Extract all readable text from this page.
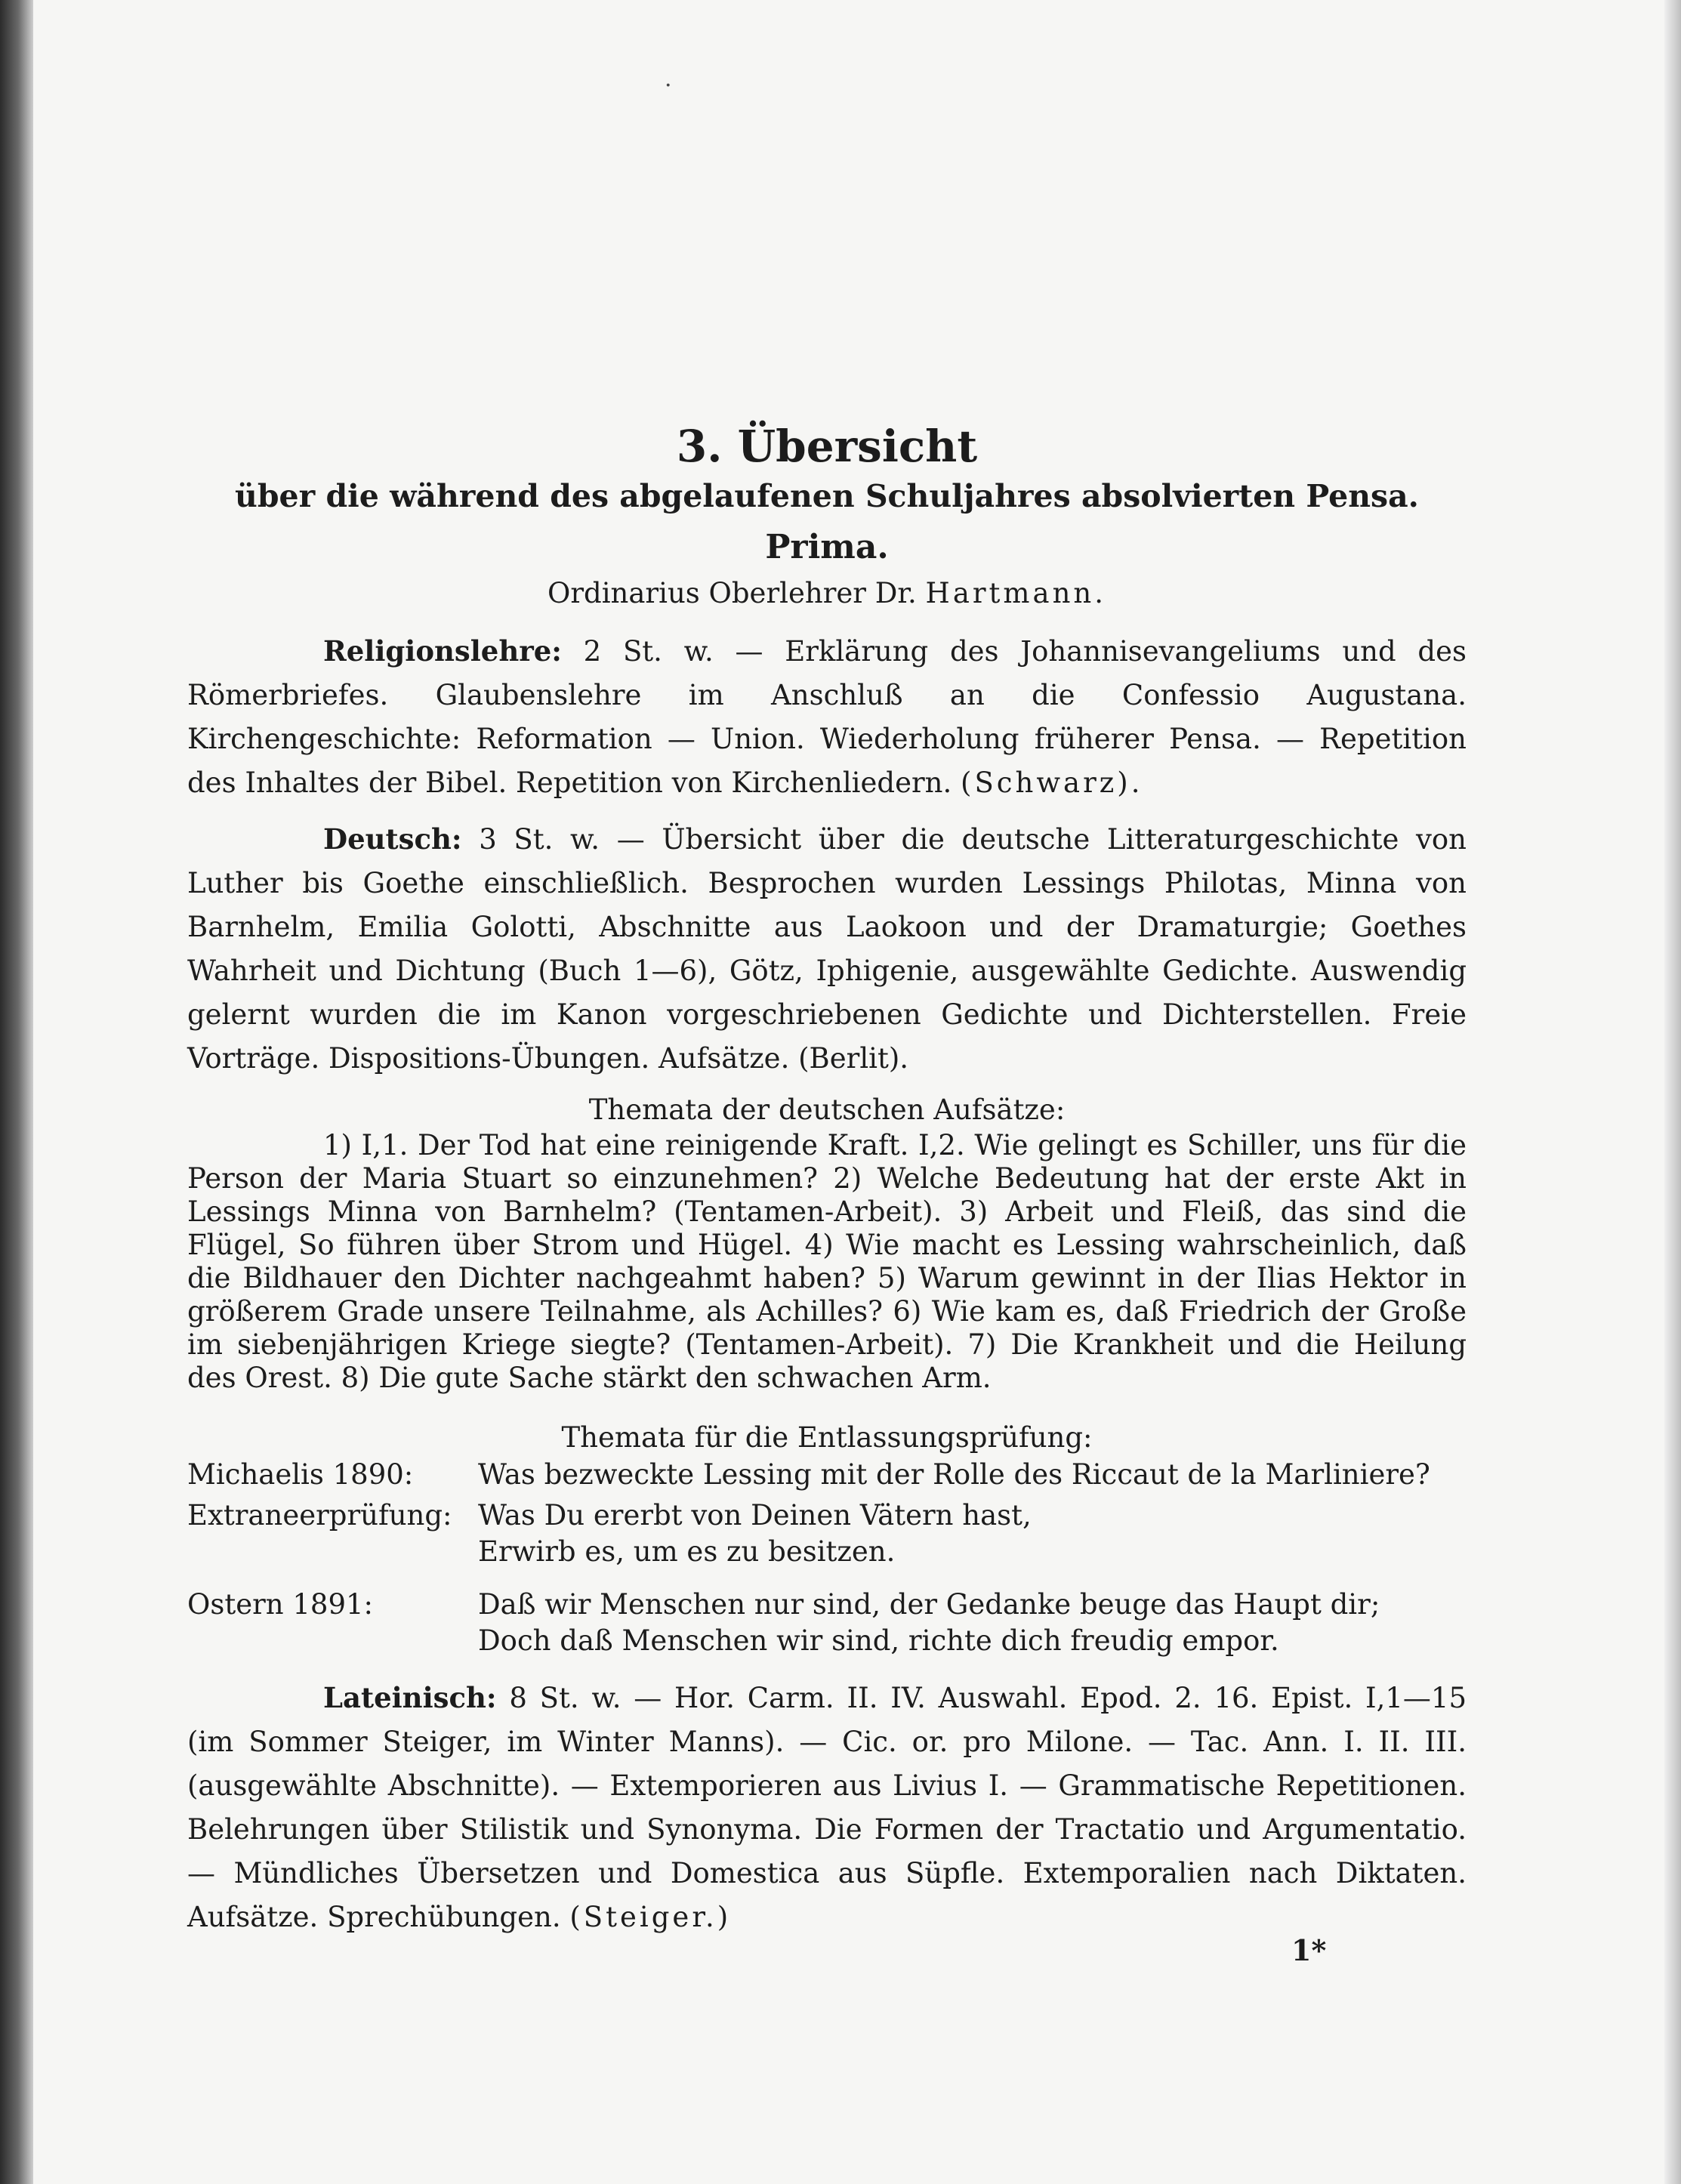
·
3. Übersicht
über die während des abgelaufenen Schuljahres absolvierten Pensa.
Prima.
Ordinarius Oberlehrer Dr. Hartmann.

Religionslehre: 2 St. w. — Erklärung des Johannisevangeliums und des Römerbriefes. Glaubenslehre im Anschluß an die Confessio Augustana. Kirchengeschichte: Reformation — Union. Wiederholung früherer Pensa. — Repetition des Inhaltes der Bibel. Repetition von Kirchenliedern. (Schwarz).

Deutsch: 3 St. w. — Übersicht über die deutsche Litteraturgeschichte von Luther bis Goethe einschließlich. Besprochen wurden Lessings Philotas, Minna von Barnhelm, Emilia Golotti, Abschnitte aus Laokoon und der Dramaturgie; Goethes Wahrheit und Dichtung (Buch 1—6), Götz, Iphigenie, ausgewählte Gedichte. Auswendig gelernt wurden die im Kanon vorgeschriebenen Gedichte und Dichterstellen. Freie Vorträge. Dispositions-Übungen. Aufsätze. (Berlit).

Themata der deutschen Aufsätze:

1) I,1. Der Tod hat eine reinigende Kraft. I,2. Wie gelingt es Schiller, uns für die Person der Maria Stuart so einzunehmen? 2) Welche Bedeutung hat der erste Akt in Lessings Minna von Barnhelm? (Tentamen-Arbeit). 3) Arbeit und Fleiß, das sind die Flügel, So führen über Strom und Hügel. 4) Wie macht es Lessing wahrscheinlich, daß die Bildhauer den Dichter nachgeahmt haben? 5) Warum gewinnt in der Ilias Hektor in größerem Grade unsere Teilnahme, als Achilles? 6) Wie kam es, daß Friedrich der Große im siebenjährigen Kriege siegte? (Tentamen-Arbeit). 7) Die Krankheit und die Heilung des Orest. 8) Die gute Sache stärkt den schwachen Arm.

Themata für die Entlassungsprüfung:
Michaelis 1890:	Was bezweckte Lessing mit der Rolle des Riccaut de la Marliniere?
Extraneerprüfung: Was Du ererbt von Deinen Vätern hast,
Erwirb es, um es zu besitzen.
Ostern 1891:	Daß wir Menschen nur sind, der Gedanke beuge das Haupt dir;
Doch daß Menschen wir sind, richte dich freudig empor.

Lateinisch: 8 St. w. — Hor. Carm. II. IV. Auswahl. Epod. 2. 16. Epist. I,1—15 (im Sommer Steiger, im Winter Manns). — Cic. or. pro Milone. — Tac. Ann. I. II. III. (ausgewählte Abschnitte). — Extemporieren aus Livius I. — Grammatische Repetitionen. Belehrungen über Stilistik und Synonyma. Die Formen der Tractatio und Argumentatio. — Mündliches Übersetzen und Domestica aus Süpfle. Extemporalien nach Diktaten. Aufsätze. Sprechübungen. (Steiger.)

1*
